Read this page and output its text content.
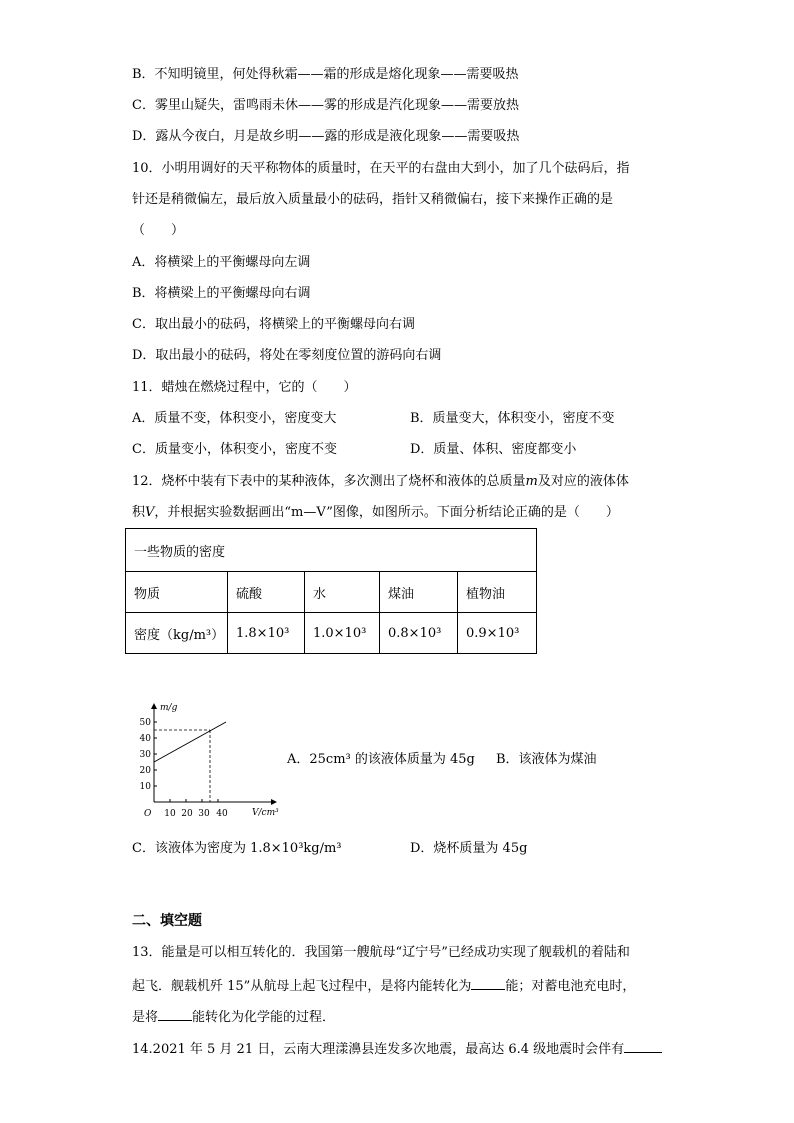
B．不知明镜里，何处得秋霜——霜的形成是熔化现象——需要吸热
C．雾里山疑失，雷鸣雨未休——雾的形成是汽化现象——需要放热
D．露从今夜白，月是故乡明——露的形成是液化现象——需要吸热
10．小明用调好的天平称物体的质量时，在天平的右盘由大到小，加了几个砝码后，指
针还是稍微偏左，最后放入质量最小的砝码，指针又稍微偏右，接下来操作正确的是
（　　）
A．将横梁上的平衡螺母向左调
B．将横梁上的平衡螺母向右调
C．取出最小的砝码，将横梁上的平衡螺母向右调
D．取出最小的砝码，将处在零刻度位置的游码向右调
11．蜡烛在燃烧过程中，它的（　　）
A．质量不变，体积变小，密度变大	B．质量变大，体积变小，密度不变
C．质量变小，体积变小，密度不变	D．质量、体积、密度都变小
12．烧杯中装有下表中的某种液体，多次测出了烧杯和液体的总质量m及对应的液体体
积V，并根据实验数据画出“m—V”图像，如图所示。下面分析结论正确的是（　　）
一些物质的密度				
物质	硫酸	水	煤油	植物油
密度（kg/m³）	1.8×10³	1.0×10³	0.8×10³	0.9×10³
m/g
V/cm³
O
50
40
30
20
10
10 20 30 40
A．25cm³ 的该液体质量为 45g B．该液体为煤油
C．该液体为密度为 1.8×10³kg/m³	D．烧杯质量为 45g
二、填空题
13．能量是可以相互转化的．我国第一艘航母“辽宁号”已经成功实现了舰载机的着陆和
起飞．舰载机歼 15”从航母上起飞过程中，是将内能转化为	能；对蓄电池充电时，
是将	能转化为化学能的过程．
14.2021 年 5 月 21 日，云南大理漾濞县连发多次地震，最高达 6.4 级地震时会伴有
